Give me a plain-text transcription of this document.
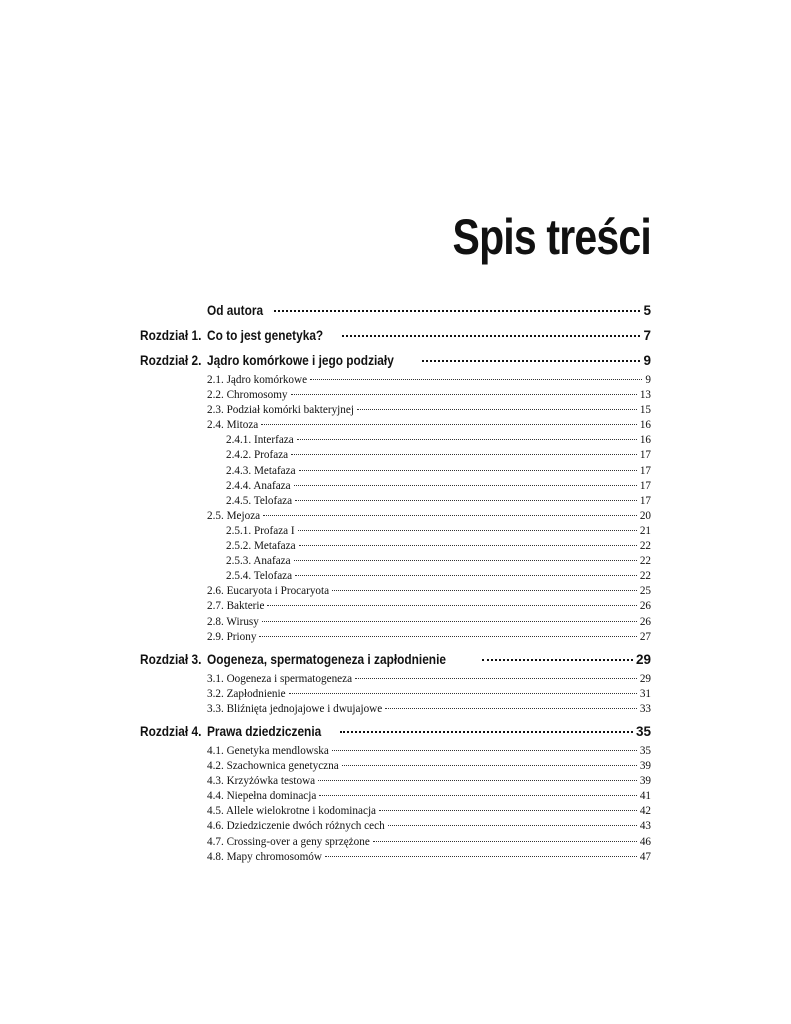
Spis treści
Od autora	5
Rozdział 1. Co to jest genetyka?	7
Rozdział 2. Jądro komórkowe i jego podziały	9
2.1. Jądro komórkowe	9
2.2. Chromosomy	13
2.3. Podział komórki bakteryjnej	15
2.4. Mitoza	16
2.4.1. Interfaza	16
2.4.2. Profaza	17
2.4.3. Metafaza	17
2.4.4. Anafaza	17
2.4.5. Telofaza	17
2.5. Mejoza	20
2.5.1. Profaza I	21
2.5.2. Metafaza	22
2.5.3. Anafaza	22
2.5.4. Telofaza	22
2.6. Eucaryota i Procaryota	25
2.7. Bakterie	26
2.8. Wirusy	26
2.9. Priony	27
Rozdział 3. Oogeneza, spermatogeneza i zapłodnienie	29
3.1. Oogeneza i spermatogeneza	29
3.2. Zapłodnienie	31
3.3. Bliźnięta jednojajowe i dwujajowe	33
Rozdział 4. Prawa dziedziczenia	35
4.1. Genetyka mendlowska	35
4.2. Szachownica genetyczna	39
4.3. Krzyżówka testowa	39
4.4. Niepełna dominacja	41
4.5. Allele wielokrotne i kodominacja	42
4.6. Dziedziczenie dwóch różnych cech	43
4.7. Crossing-over a geny sprzężone	46
4.8. Mapy chromosomów	47
